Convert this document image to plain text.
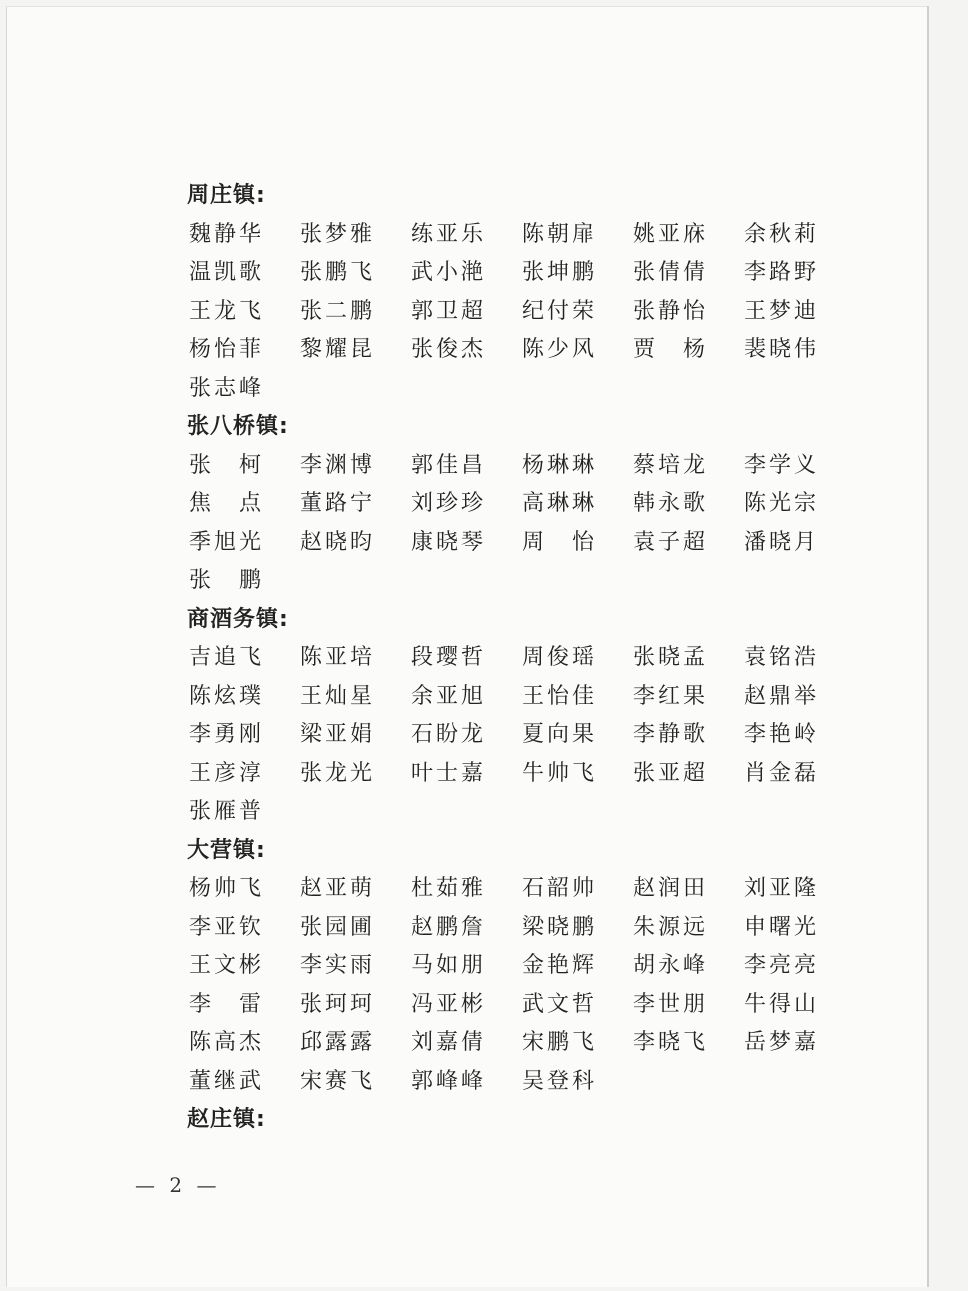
周庄镇:
魏静华	张梦雅	练亚乐	陈朝扉	姚亚庥	余秋莉
温凯歌	张鹏飞	武小滟	张坤鹏	张倩倩	李路野
王龙飞	张二鹏	郭卫超	纪付荣	张静怡	王梦迪
杨怡菲	黎耀昆	张俊杰	陈少风	贾　杨	裴晓伟
张志峰
张八桥镇:
张　柯	李渊博	郭佳昌	杨琳琳	蔡培龙	李学义
焦　点	董路宁	刘珍珍	高琳琳	韩永歌	陈光宗
季旭光	赵晓昀	康晓琴	周　怡	袁子超	潘晓月
张　鹏
商酒务镇:
吉追飞	陈亚培	段璎哲	周俊瑶	张晓孟	袁铭浩
陈炫璞	王灿星	余亚旭	王怡佳	李红果	赵鼎举
李勇刚	梁亚娟	石盼龙	夏向果	李静歌	李艳岭
王彦淳	张龙光	叶士嘉	牛帅飞	张亚超	肖金磊
张雁普
大营镇:
杨帅飞	赵亚萌	杜茹雅	石韶帅	赵润田	刘亚隆
李亚钦	张园圃	赵鹏詹	梁晓鹏	朱源远	申曙光
王文彬	李实雨	马如朋	金艳辉	胡永峰	李亮亮
李　雷	张珂珂	冯亚彬	武文哲	李世朋	牛得山
陈高杰	邱露露	刘嘉倩	宋鹏飞	李晓飞	岳梦嘉
董继武	宋赛飞	郭峰峰	吴登科
赵庄镇:
— 2 —
